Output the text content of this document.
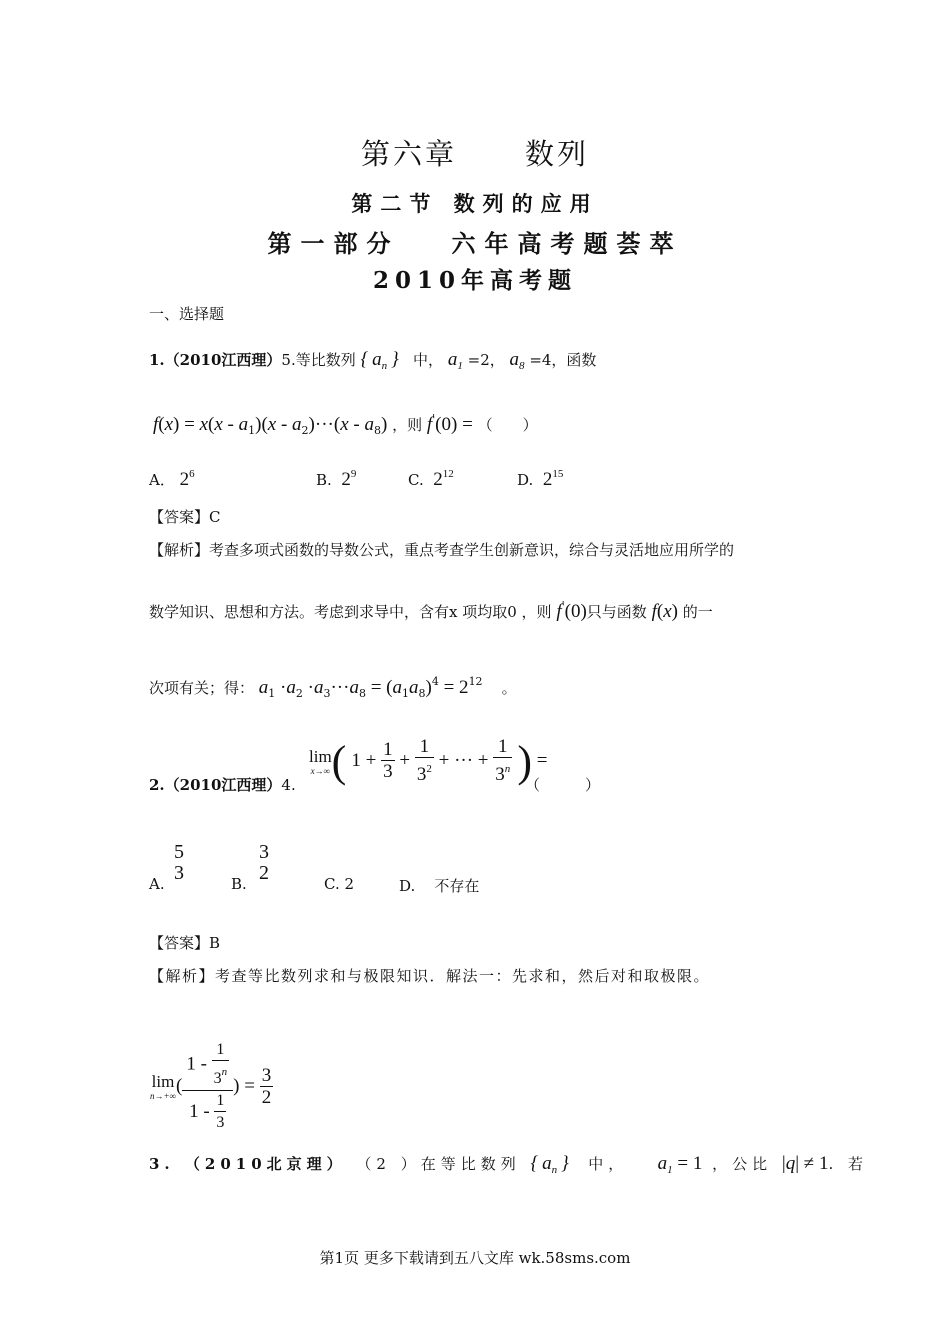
第六章 数列
第二节 数列的应用
第一部分 六年高考题荟萃
2010年高考题
一、选择题
1.（2010江西理）5.等比数列 { $a_n$ } 中， $a_1 =2$， $a_8 =4$，函数
$f(x) = x(x - a_1)(x - a_2)\cdot\cdot\cdot(x - a_8)$ ，则 f'(0) = （　　）
A． $2^6$	B. $2^9$	C. $2^{12}$	D. $2^{15}$
【答案】C
【解析】考查多项式函数的导数公式，重点考查学生创新意识，综合与灵活地应用所学的
数学知识、思想和方法。考虑到求导中，含有x 项均取0 ，则 f'(0)只与函数 f(x) 的一
次项有关；得： $a_1 \cdot a_2 \cdot a_3\cdot\cdot\cdot a_8 = (a_1a_8)^4 = 2^{12}$ 。
lim
x→∞ ( $1 + \frac{1}{3} + \frac{1}{3^2}$ + ··· + $\frac{1}{3^n}$ ) =
2.（2010江西理）4.	（　　　）
A.
5
3	B.
3
2	C. 2	D. 不存在
【答案】B
【解析】考查等比数列求和与极限知识．解法一：先求和，然后对和取极限。
lim
n→+∞ ( $\frac{1 - \frac{1}{3^n}}{1 - \frac{1}{3}}$ ) = $\frac{3}{2}$
3. （2010北京理） （2 ）在等比数列 { $a_n$ } 中， $a_1 = 1$ ，公比 |q| ≠ 1. 若
第1页 更多下载请到五八文库 wk.58sms.com
